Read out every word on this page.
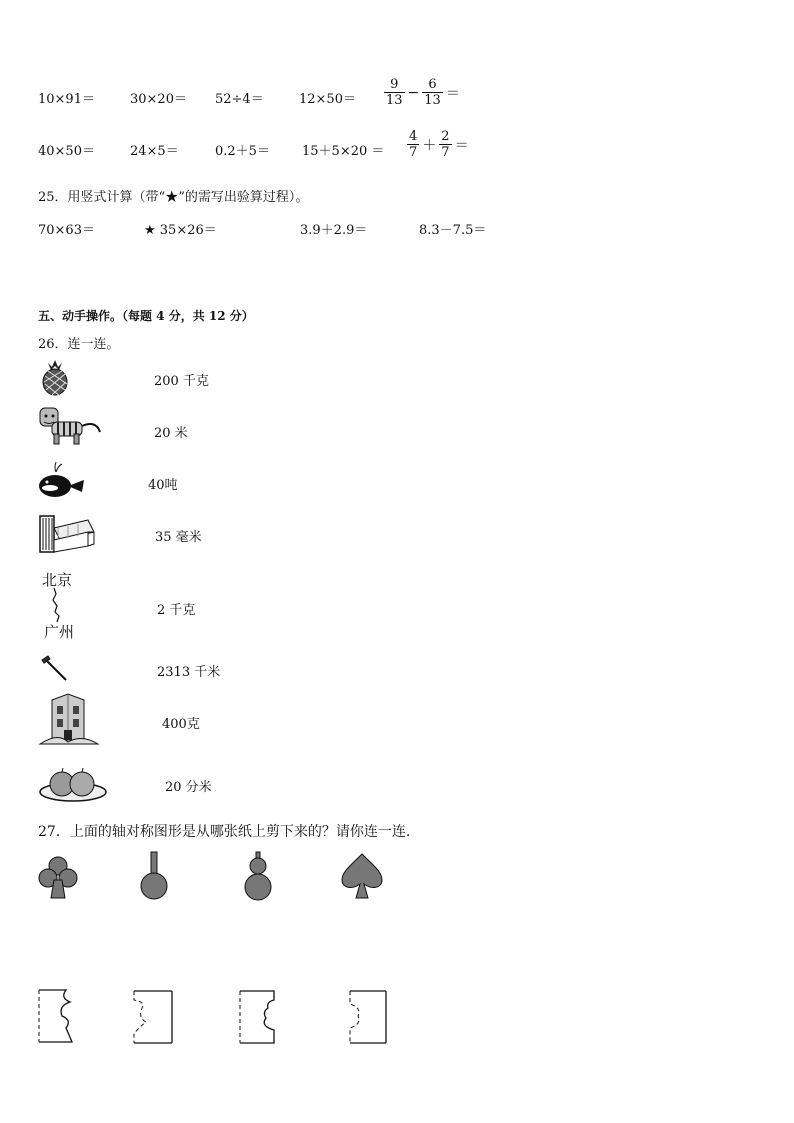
10×91＝	30×20＝ 52÷4＝	$12\times 50= \frac{9}{13} - \frac{6}{13}$ ＝
40×50＝	24×5＝	$0.2+5= 15+5\times 20 = \frac{4}{7} + \frac{2}{7}$ ＝
25．用竖式计算（带“★”的需写出验算过程）。
70×63＝	★ 35×26＝	3.9＋2.9＝	8.3－7.5＝
五、动手操作。（每题 4 分，共 12 分）
26．连一连。
北京
广州
200 千克
20 米
40吨
35 毫米
2 千克
2313 千米
400克
20 分米
27．上面的轴对称图形是从哪张纸上剪下来的？请你连一连.
